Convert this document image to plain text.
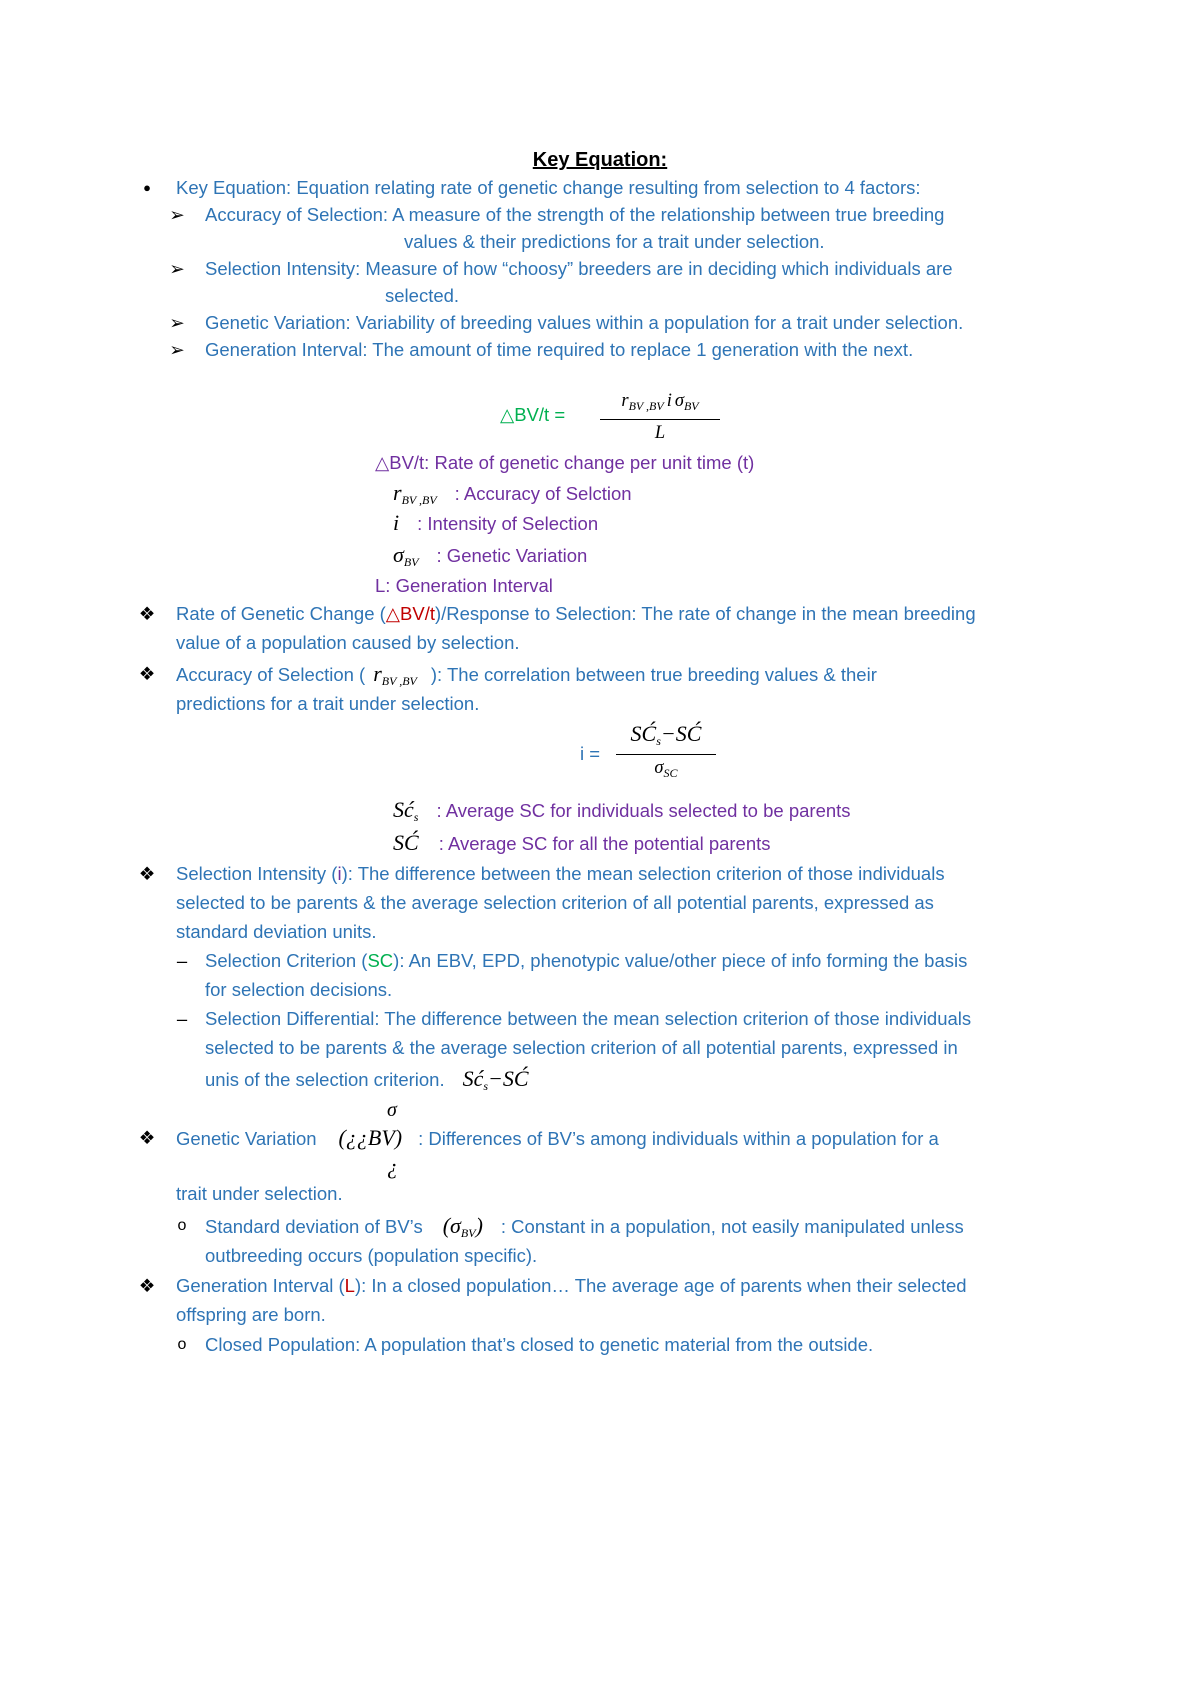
Key Equation:
●	Key Equation: Equation relating rate of genetic change resulting from selection to 4 factors:
➢ Accuracy of Selection: A measure of the strength of the relationship between true breeding
values & their predictions for a trait under selection.
➢ Selection Intensity: Measure of how “choosy” breeders are in deciding which individuals are
selected.
➢ Genetic Variation: Variability of breeding values within a population for a trait under selection.
➢ Generation Interval: The amount of time required to replace 1 generation with the next.
△BV/t =
$r_{BV ,BV}$ i $\sigma_{BV}$
L
△BV/t: Rate of genetic change per unit time (t)
$r_{BV ,BV}$ : Accuracy of Selction
i : Intensity of Selection
$\sigma_{BV}$ : Genetic Variation
L: Generation Interval
❖ Rate of Genetic Change (△BV/t)/Response to Selection: The rate of change in the mean breeding
value of a population caused by selection.
❖ Accuracy of Selection ( $r_{BV ,BV}$ ): The correlation between true breeding values & their
predictions for a trait under selection.
i =
$SĆ_s-SĆ$
$\sigma_{SC}$
$Sć_s$ : Average SC for individuals selected to be parents
SĆ : Average SC for all the potential parents
❖ Selection Intensity (i): The difference between the mean selection criterion of those individuals
selected to be parents & the average selection criterion of all potential parents, expressed as
standard deviation units.
– Selection Criterion (SC): An EBV, EPD, phenotypic value/other piece of info forming the basis
for selection decisions.
– Selection Differential: The difference between the mean selection criterion of those individuals
selected to be parents & the average selection criterion of all potential parents, expressed in
unis of the selection criterion. $Sć_s-SĆ$
σ
❖ Genetic Variation (¿¿BV) : Differences of BV’s among individuals within a population for a
¿
trait under selection.
o Standard deviation of BV’s $(\sigma_{BV})$ : Constant in a population, not easily manipulated unless
outbreeding occurs (population specific).
❖ Generation Interval (L): In a closed population… The average age of parents when their selected
offspring are born.
o Closed Population: A population that’s closed to genetic material from the outside.
